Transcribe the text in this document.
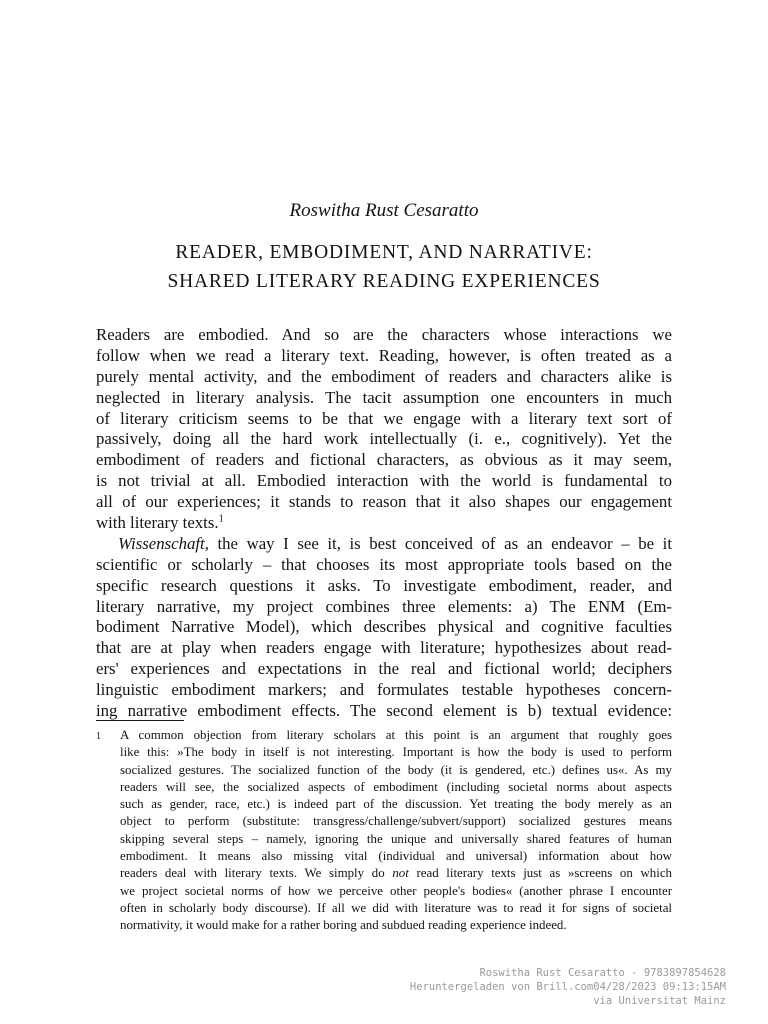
Roswitha Rust Cesaratto
READER, EMBODIMENT, AND NARRATIVE:
SHARED LITERARY READING EXPERIENCES
Readers are embodied. And so are the characters whose interactions we
follow when we read a literary text. Reading, however, is often treated as a
purely mental activity, and the embodiment of readers and characters alike is
neglected in literary analysis. The tacit assumption one encounters in much
of literary criticism seems to be that we engage with a literary text sort of
passively, doing all the hard work intellectually (i. e., cognitively). Yet the
embodiment of readers and fictional characters, as obvious as it may seem,
is not trivial at all. Embodied interaction with the world is fundamental to
all of our experiences; it stands to reason that it also shapes our engagement
with literary texts.$^1$
Wissenschaft, the way I see it, is best conceived of as an endeavor – be it
scientific or scholarly – that chooses its most appropriate tools based on the
specific research questions it asks. To investigate embodiment, reader, and
literary narrative, my project combines three elements: a) The ENM (Em-
bodiment Narrative Model), which describes physical and cognitive faculties
that are at play when readers engage with literature; hypothesizes about read-
ers' experiences and expectations in the real and fictional world; deciphers
linguistic embodiment markers; and formulates testable hypotheses concern-
ing narrative embodiment effects. The second element is b) textual evidence:
1 A common objection from literary scholars at this point is an argument that roughly goes
like this: »The body in itself is not interesting. Important is how the body is used to perform
socialized gestures. The socialized function of the body (it is gendered, etc.) defines us«. As my
readers will see, the socialized aspects of embodiment (including societal norms about aspects
such as gender, race, etc.) is indeed part of the discussion. Yet treating the body merely as an
object to perform (substitute: transgress/challenge/subvert/support) socialized gestures means
skipping several steps – namely, ignoring the unique and universally shared features of human
embodiment. It means also missing vital (individual and universal) information about how
readers deal with literary texts. We simply do not read literary texts just as »screens on which
we project societal norms of how we perceive other people's bodies« (another phrase I encounter
often in scholarly body discourse). If all we did with literature was to read it for signs of societal
normativity, it would make for a rather boring and subdued reading experience indeed.
Roswitha Rust Cesaratto - 9783897854628
Heruntergeladen von Brill.com04/28/2023 09:13:15AM
via Universitat Mainz
